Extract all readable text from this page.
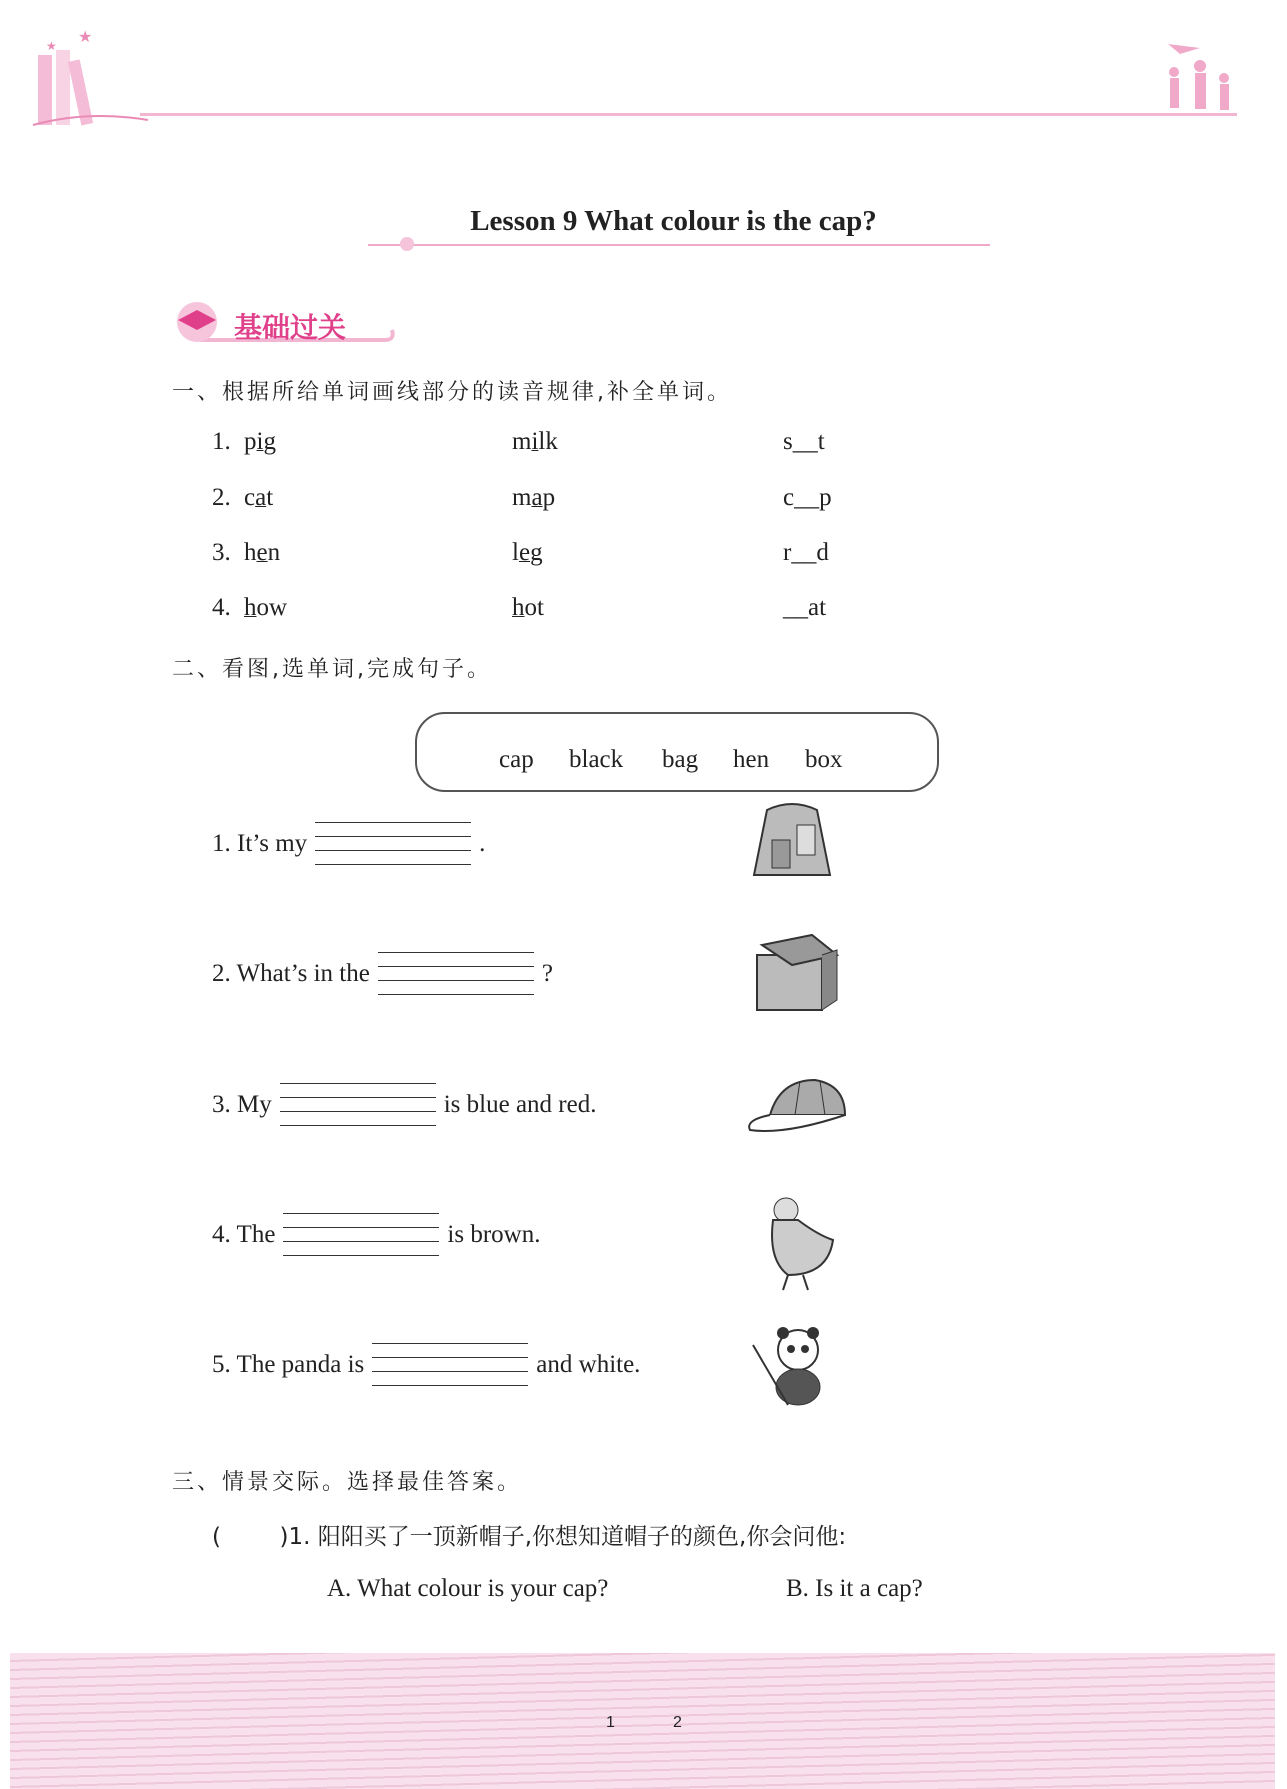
★
★
Lesson 9 What colour is the cap?
基础过关
一、根据所给单词画线部分的读音规律,补全单词。
二、看图,选单词,完成句子。
cap black bag hen box
三、情景交际。选择最佳答案。
(        )1. 阳阳买了一顶新帽子,你想知道帽子的颜色,你会问他:
A. What colour is your cap?	B. Is it a cap?
1	2
1. pig	milk	s__t
2. cat	map	c__p
3. hen	leg	r__d
4. how	hot	__at
1. It’s my	.
2. What’s in the	?
3. My	is blue and red.
4. The	is brown.
5. The panda is	and white.
